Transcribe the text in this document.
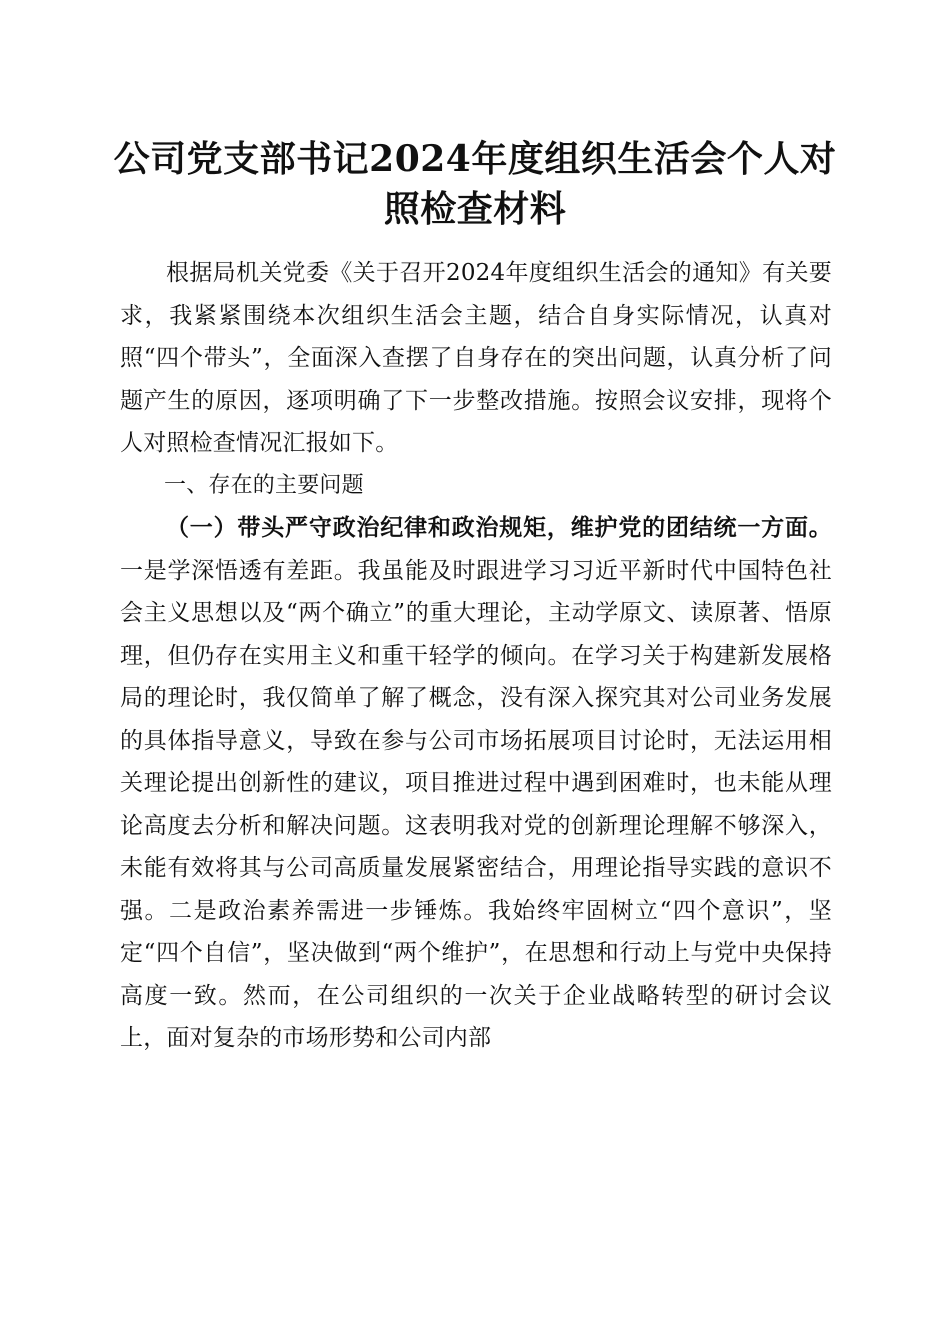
公司党支部书记2024年度组织生活会个人对照检查材料

根据局机关党委《关于召开2024年度组织生活会的通知》有关要求，我紧紧围绕本次组织生活会主题，结合自身实际情况，认真对照“四个带头”，全面深入查摆了自身存在的突出问题，认真分析了问题产生的原因，逐项明确了下一步整改措施。按照会议安排，现将个人对照检查情况汇报如下。

一、存在的主要问题

（一）带头严守政治纪律和政治规矩，维护党的团结统一方面。一是学深悟透有差距。我虽能及时跟进学习习近平新时代中国特色社会主义思想以及“两个确立”的重大理论，主动学原文、读原著、悟原理，但仍存在实用主义和重干轻学的倾向。在学习关于构建新发展格局的理论时，我仅简单了解了概念，没有深入探究其对公司业务发展的具体指导意义，导致在参与公司市场拓展项目讨论时，无法运用相关理论提出创新性的建议，项目推进过程中遇到困难时，也未能从理论高度去分析和解决问题。这表明我对党的创新理论理解不够深入，未能有效将其与公司高质量发展紧密结合，用理论指导实践的意识不强。二是政治素养需进一步锤炼。我始终牢固树立“四个意识”，坚定“四个自信”，坚决做到“两个维护”，在思想和行动上与党中央保持高度一致。然而，在公司组织的一次关于企业战略转型的研讨会议上，面对复杂的市场形势和公司内部
